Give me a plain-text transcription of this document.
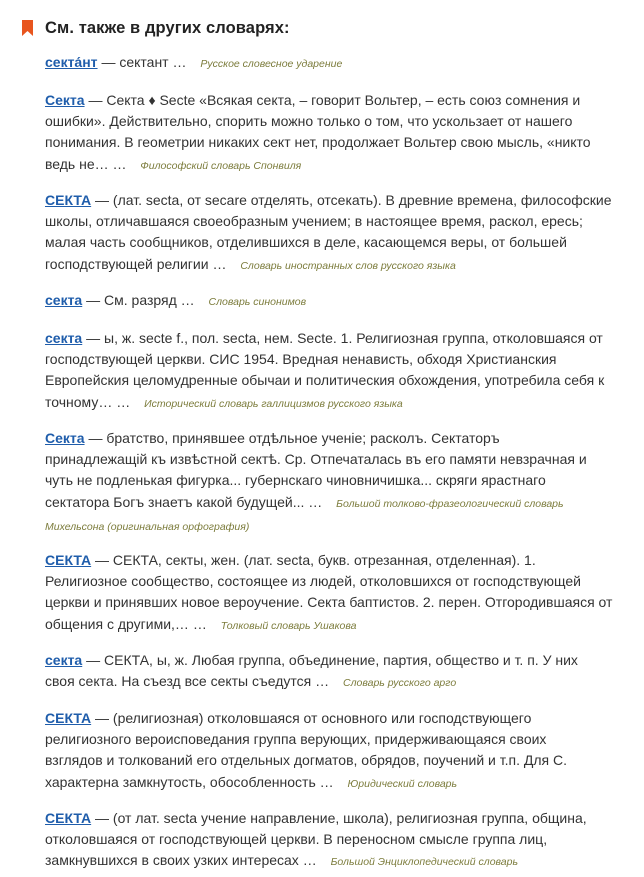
См. также в других словарях:
секта́нт — сектант … Русское словесное ударение
Секта — Секта ♦ Secte «Всякая секта, – говорит Вольтер, – есть союз сомнения и ошибки». Действительно, спорить можно только о том, что ускользает от нашего понимания. В геометрии никаких сект нет, продолжает Вольтер свою мысль, «никто ведь не… … Философский словарь Спонвиля
СЕКТА — (лат. secta, от secare отделять, отсекать). В древние времена, философские школы, отличавшаяся своеобразным учением; в настоящее время, раскол, ересь; малая часть сообщников, отделившихся в деле, касающемся веры, от большей господствующей религии … Словарь иностранных слов русского языка
секта — См. разряд … Словарь синонимов
секта — ы, ж. secte f., пол. secta, нем. Secte. 1. Религиозная группа, отколовшаяся от господствующей церкви. СИС 1954. Вредная ненависть, обходя Христианския Европейския целомудренные обычаи и политическия обхождения, употребила себя к точному… … Исторический словарь галлицизмов русского языка
Секта — братство, принявшее отдѣльное ученіе; расколъ. Сектаторъ принадлежащій къ извѣстной сектѣ. Ср. Отпечаталась въ его памяти невзрачная и чуть не подленькая фигурка... губернскаго чиновничишка... скряги ярастнаго сектатора Богъ знаетъ какой будущей... … Большой толково-фразеологический словарь Михельсона (оригинальная орфография)
СЕКТА — СЕКТА, секты, жен. (лат. secta, букв. отрезанная, отделенная). 1. Религиозное сообщество, состоящее из людей, отколовшихся от господствующей церкви и принявших новое вероучение. Секта баптистов. 2. перен. Отгородившаяся от общения с другими,… … Толковый словарь Ушакова
секта — СЕКТА, ы, ж. Любая группа, объединение, партия, общество и т. п. У них своя секта. На съезд все секты съедутся … Словарь русского арго
СЕКТА — (религиозная) отколовшаяся от основного или господствующего религиозного вероисповедания группа верующих, придерживающаяся своих взглядов и толкований его отдельных догматов, обрядов, поучений и т.п. Для С. характерна замкнутость, обособленность … Юридический словарь
СЕКТА — (от лат. secta учение направление, школа), религиозная группа, община, отколовшаяся от господствующей церкви. В переносном смысле группа лиц, замкнувшихся в своих узких интересах … Большой Энциклопедический словарь
